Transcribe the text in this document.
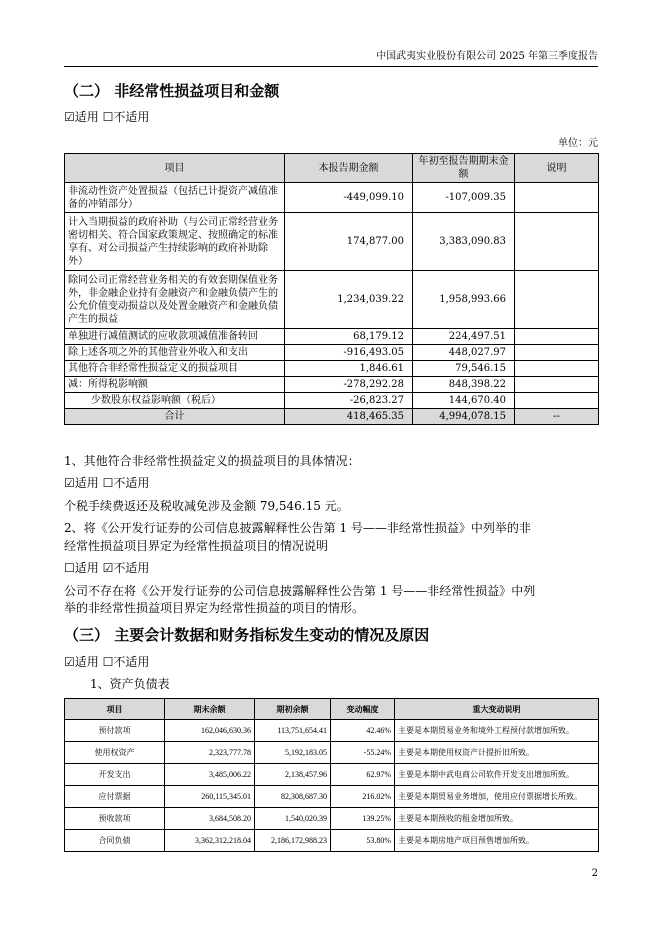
中国武夷实业股份有限公司 2025 年第三季度报告
（二） 非经常性损益项目和金额
☑适用 ☐不适用
单位：元
项目	本报告期金额	年初至报告期期末金额	说明
非流动性资产处置损益（包括已计提资产减值准备的冲销部分）	-449,099.10	-107,009.35	
计入当期损益的政府补助（与公司正常经营业务密切相关、符合国家政策规定、按照确定的标准享有、对公司损益产生持续影响的政府补助除外）	174,877.00	3,383,090.83	
除同公司正常经营业务相关的有效套期保值业务外，非金融企业持有金融资产和金融负债产生的公允价值变动损益以及处置金融资产和金融负债产生的损益	1,234,039.22	1,958,993.66	
单独进行减值测试的应收款项减值准备转回	68,179.12	224,497.51	
除上述各项之外的其他营业外收入和支出	-916,493.05	448,027.97	
其他符合非经常性损益定义的损益项目	1,846.61	79,546.15	
减：所得税影响额	-278,292.28	848,398.22	
少数股东权益影响额（税后）	-26,823.27	144,670.40	
合计	418,465.35	4,994,078.15	--
1、其他符合非经常性损益定义的损益项目的具体情况：
☑适用 ☐不适用
个税手续费返还及税收减免涉及金额 79,546.15 元。
2、将《公开发行证券的公司信息披露解释性公告第 1 号——非经常性损益》中列举的非
经常性损益项目界定为经常性损益项目的情况说明
☐适用 ☑不适用
公司不存在将《公开发行证券的公司信息披露解释性公告第 1 号——非经常性损益》中列
举的非经常性损益项目界定为经常性损益的项目的情形。
（三） 主要会计数据和财务指标发生变动的情况及原因
☑适用 ☐不适用
1、资产负债表
项目	期末余额	期初余额	变动幅度	重大变动说明
预付款项	162,046,630.36	113,751,654.41	42.46%	主要是本期贸易业务和境外工程预付款增加所致。
使用权资产	2,323,777.78	5,192,183.05	-55.24%	主要是本期使用权资产计提折旧所致。
开发支出	3,485,006.22	2,138,457.96	62.97%	主要是本期中武电商公司软件开发支出增加所致。
应付票据	260,115,345.01	82,308,687.30	216.02%	主要是本期贸易业务增加，使用应付票据增长所致。
预收款项	3,684,508.20	1,540,020.39	139.25%	主要是本期预收的租金增加所致。
合同负债	3,362,312,218.04	2,186,172,988.23	53.80%	主要是本期房地产项目预售增加所致。
2
